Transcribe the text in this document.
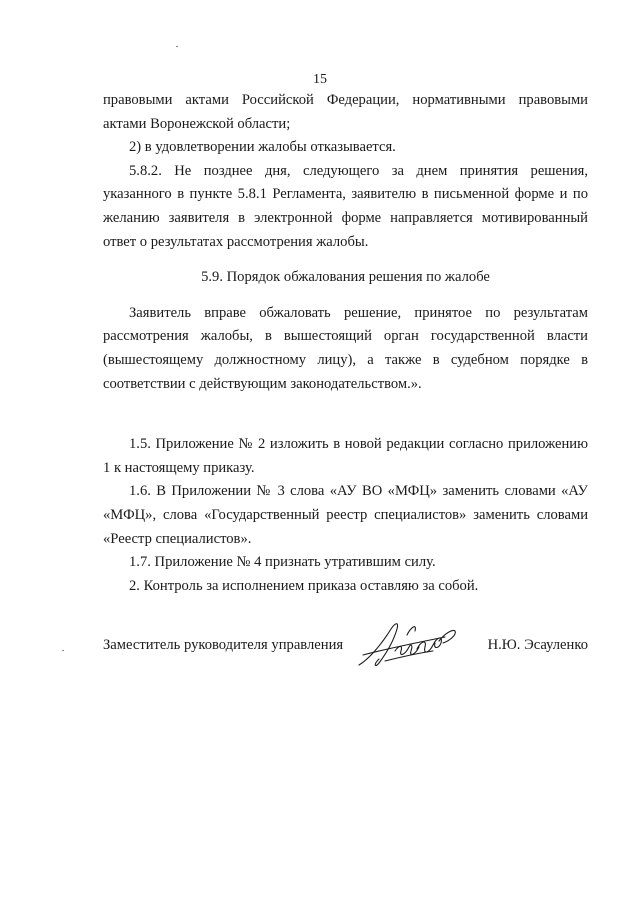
15

правовыми актами Российской Федерации, нормативными правовыми актами Воронежской области;

2) в удовлетворении жалобы отказывается.

5.8.2. Не позднее дня, следующего за днем принятия решения, указанного в пункте 5.8.1 Регламента, заявителю в письменной форме и по желанию заявителя в электронной форме направляется мотивированный ответ о результатах рассмотрения жалобы.

5.9. Порядок обжалования решения по жалобе

Заявитель вправе обжаловать решение, принятое по результатам рассмотрения жалобы, в вышестоящий орган государственной власти (вышестоящему должностному лицу), а также в судебном порядке в соответствии с действующим законодательством.».

1.5. Приложение № 2 изложить в новой редакции согласно приложению 1 к настоящему приказу.

1.6. В Приложении № 3 слова «АУ ВО «МФЦ» заменить словами «АУ «МФЦ», слова «Государственный реестр специалистов» заменить словами «Реестр специалистов».

1.7. Приложение № 4 признать утратившим силу.

2. Контроль за исполнением приказа оставляю за собой.

Заместитель руководителя управления	Н.Ю. Эсауленко
